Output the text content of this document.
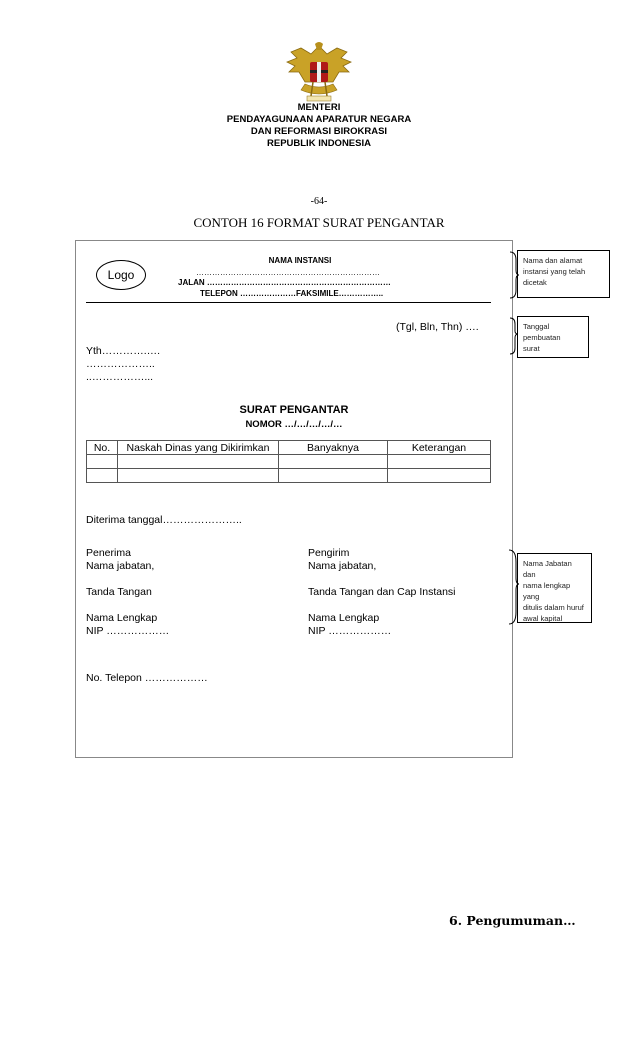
MENTERI
PENDAYAGUNAAN APARATUR NEGARA
DAN REFORMASI BIROKRASI
REPUBLIK INDONESIA
-64-
CONTOH 16 FORMAT SURAT PENGANTAR
Logo
NAMA INSTANSI
……………………………………………………………
JALAN ……………………………………………………………
TELEPON …………………FAKSIMILE……………..
(Tgl, Bln, Thn) ….
Yth………….….
………………..
..……………...
SURAT PENGANTAR
NOMOR …/…/…/…/…
No.	Naskah Dinas yang Dikirimkan	Banyaknya	Keterangan

Diterima tanggal…………………..
Penerima
Nama jabatan,
Tanda Tangan
Nama Lengkap
NIP ………………
Pengirim
Nama jabatan,
Tanda Tangan dan Cap Instansi
Nama Lengkap
NIP ………………
No. Telepon ………………
Nama dan alamat
instansi yang telah
dicetak
Tanggal
pembuatan
surat
Nama Jabatan dan
nama lengkap yang
ditulis dalam huruf
awal kapital
6. Pengumuman…
